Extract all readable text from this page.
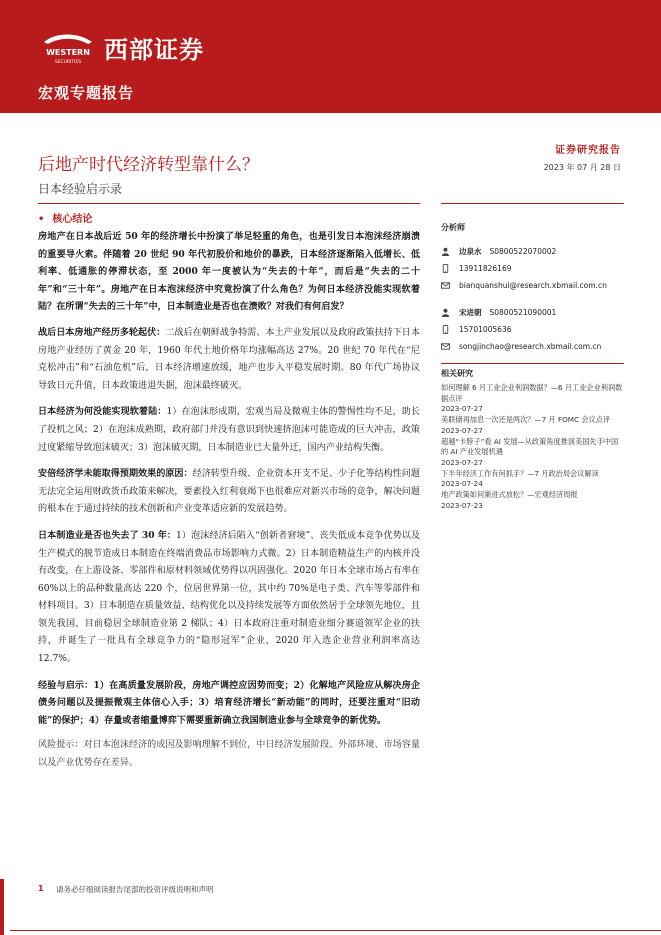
WESTERN
SECURITIES 西部证券
宏观专题报告
证券研究报告
2023 年 07 月 28 日
后地产时代经济转型靠什么？
日本经验启示录
• 核心结论

房地产在日本战后近 50 年的经济增长中扮演了举足轻重的角色，也是引发日本泡沫经济崩溃的重要导火索。伴随着 20 世纪 90 年代初股价和地价的暴跌，日本经济逐渐陷入低增长、低利率、低通胀的停滞状态，至 2000 年一度被认为“失去的十年”，而后是“失去的二十年”和“三十年”。房地产在日本泡沫经济中究竟扮演了什么角色？为何日本经济没能实现软着陆？在所谓“失去的三十年”中，日本制造业是否也在溃败？对我们有何启发？

战后日本房地产经历多轮起伏：二战后在朝鲜战争特需、本土产业发展以及政府政策扶持下日本房地产业经历了黄金 20 年，1960 年代土地价格年均涨幅高达 27%。20 世纪 70 年代在“尼克松冲击”和“石油危机”后，日本经济增速放缓，地产也步入平稳发展时期。80 年代广场协议导致日元升值，日本政策进退失据，泡沫最终破灭。

日本经济为何没能实现软着陆：1）在泡沫形成期，宏观当局及微观主体的警惕性均不足，助长了投机之风；2）在泡沫成熟期，政府部门并没有意识到快速挤泡沫可能造成的巨大冲击，政策过度紧缩导致泡沫破灭；3）泡沫破灭期，日本制造业已大量外迁，国内产业结构失衡。

安倍经济学未能取得预期效果的原因：经济转型升级、企业资本开支不足、少子化等结构性问题无法完全运用财政货币政策来解决，要素投入红利衰竭下也很难应对新兴市场的竞争，解决问题的根本在于通过持续的技术创新和产业变革适应新的发展趋势。

日本制造业是否也失去了 30 年：1）泡沫经济后陷入“创新者窘境”、丧失低成本竞争优势以及生产模式的脱节造成日本制造在终端消费品市场影响力式微。2）日本制造精益生产的内核并没有改变，在上游设备、零部件和原材料领域优势得以巩固强化。2020 年日本全球市场占有率在 60%以上的品种数量高达 220 个，位居世界第一位，其中约 70%是电子类、汽车等零部件和材料项目。3）日本制造在质量效益、结构优化以及持续发展等方面依然居于全球领先地位，且领先我国，目前稳居全球制造业第 2 梯队；4）日本政府注重对制造业细分赛道领军企业的扶持，并诞生了一批具有全球竞争力的“隐形冠军”企业，2020 年入选企业营业利润率高达 12.7%。

经验与启示：1）在高质量发展阶段，房地产调控应因势而变；2）化解地产风险应从解决房企债务问题以及提振微观主体信心入手；3）培育经济增长“新动能”的同时，还要注重对“旧动能”的保护；4）存量或者缩量博弈下需要重新确立我国制造业参与全球竞争的新优势。

风险提示：对日本泡沫经济的成因及影响理解不到位，中日经济发展阶段、外部环境、市场容量以及产业优势存在差异。

分析师
边泉水 S0800522070002
13911826169
bianquanshui@research.xbmail.com.cn
宋进朝 S0800521090001
15701005636
songjinchao@research.xbmail.com.cn
相关研究
如何理解 6 月工业企业利润数据？—6 月工业企业利润数据点评
2023-07-27
美联储再加息一次还是两次？—7 月 FOMC 会议点评
2023-07-27
超越“卡脖子”看 AI 发展—从政策角度推演美国先手中国的 AI 产业发展机遇
2023-07-27
下半年经济工作有何抓手？—7 月政治局会议解读
2023-07-24
地产政策如何渐进式放松？—宏观经济周报
2023-07-23
1 请务必仔细阅读报告尾部的投资评级说明和声明
